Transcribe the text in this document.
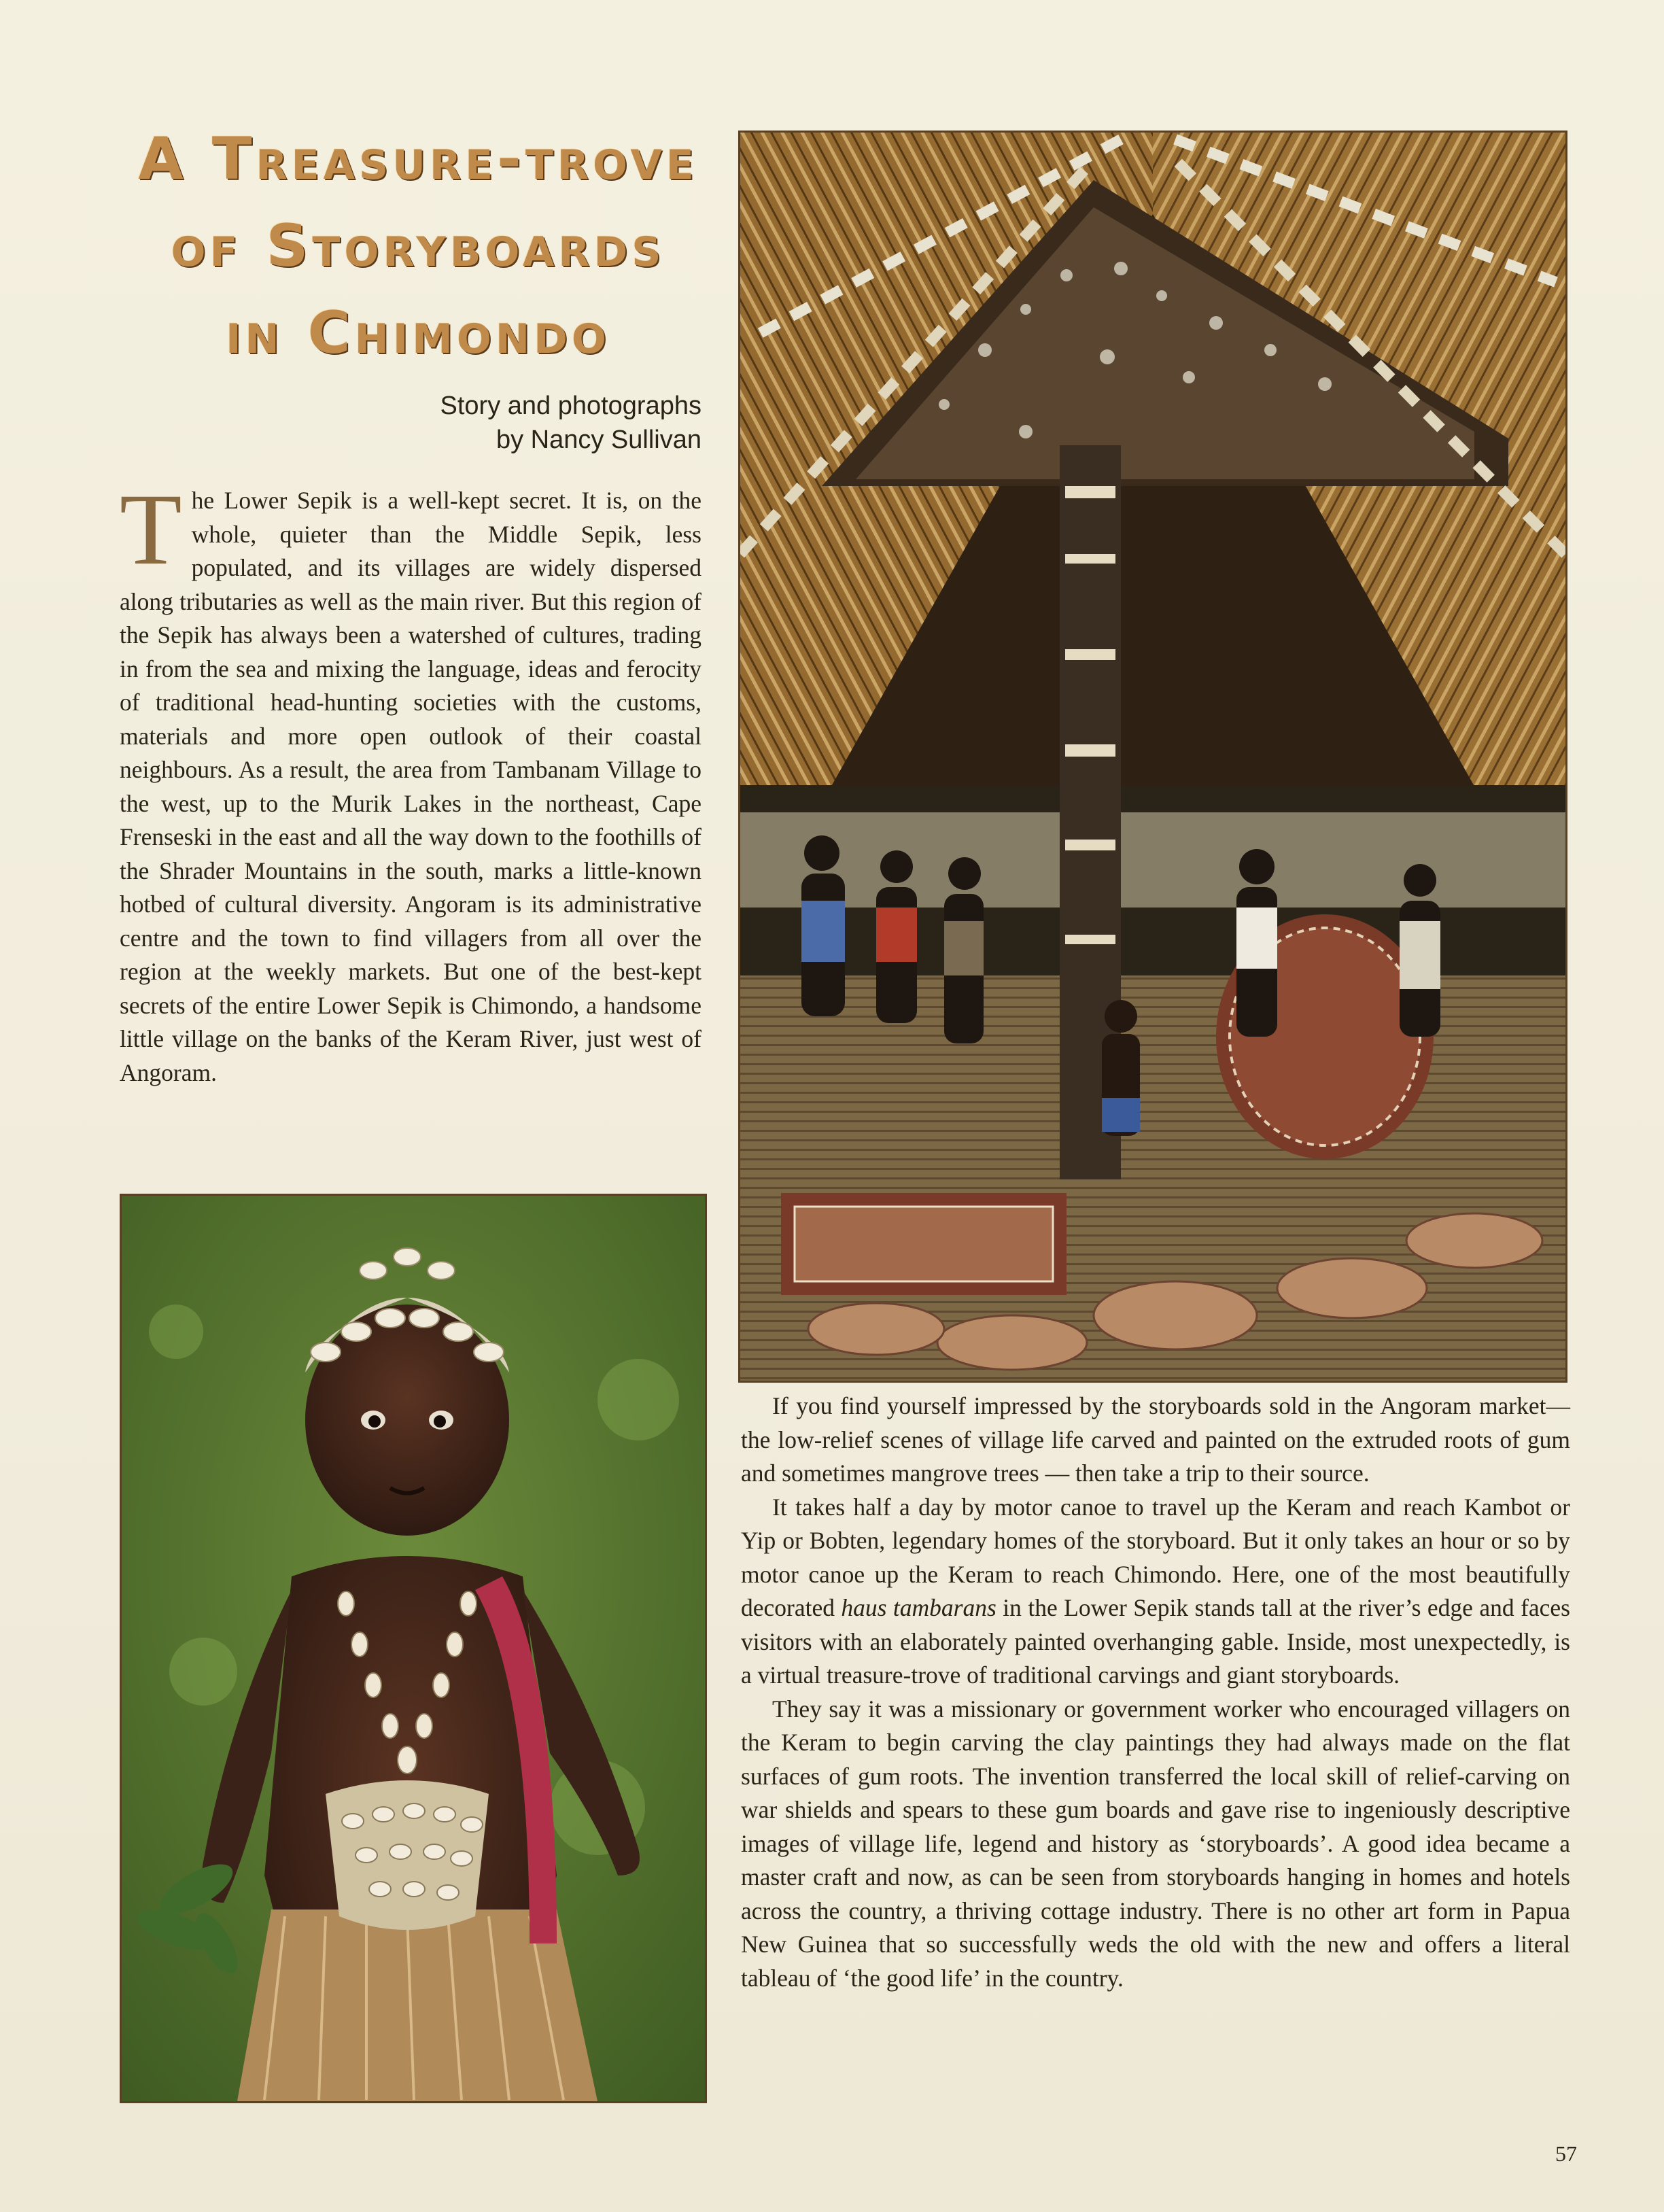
A Treasure-trove
of Storyboards
in Chimondo
Story and photographs
by Nancy Sullivan

The Lower Sepik is a well-kept secret. It is, on the whole, quieter than the Middle Sepik, less populated, and its villages are widely dispersed along tributaries as well as the main river. But this region of the Sepik has always been a watershed of cultures, trading in from the sea and mixing the language, ideas and ferocity of traditional head-hunting societies with the customs, materials and more open outlook of their coastal neighbours. As a result, the area from Tambanam Village to the west, up to the Murik Lakes in the northeast, Cape Frenseski in the east and all the way down to the foothills of the Shrader Mountains in the south, marks a little-known hotbed of cultural diversity. Angoram is its administrative centre and the town to find villagers from all over the region at the weekly markets. But one of the best-kept secrets of the entire Lower Sepik is Chimondo, a handsome little village on the banks of the Keram River, just west of Angoram.

If you find yourself impressed by the storyboards sold in the Angoram market—the low-relief scenes of village life carved and painted on the extruded roots of gum and sometimes mangrove trees — then take a trip to their source.

It takes half a day by motor canoe to travel up the Keram and reach Kambot or Yip or Bobten, legendary homes of the storyboard. But it only takes an hour or so by motor canoe up the Keram to reach Chimondo. Here, one of the most beautifully decorated haus tambarans in the Lower Sepik stands tall at the river’s edge and faces visitors with an elaborately painted overhanging gable. Inside, most unexpectedly, is a virtual treasure-trove of traditional carvings and giant storyboards.

They say it was a missionary or government worker who encouraged villagers on the Keram to begin carving the clay paintings they had always made on the flat surfaces of gum roots. The invention transferred the local skill of relief-carving on war shields and spears to these gum boards and gave rise to ingeniously descriptive images of village life, legend and history as ‘storyboards’. A good idea became a master craft and now, as can be seen from storyboards hanging in homes and hotels across the country, a thriving cottage industry. There is no other art form in Papua New Guinea that so successfully weds the old with the new and offers a literal tableau of ‘the good life’ in the country.

57
